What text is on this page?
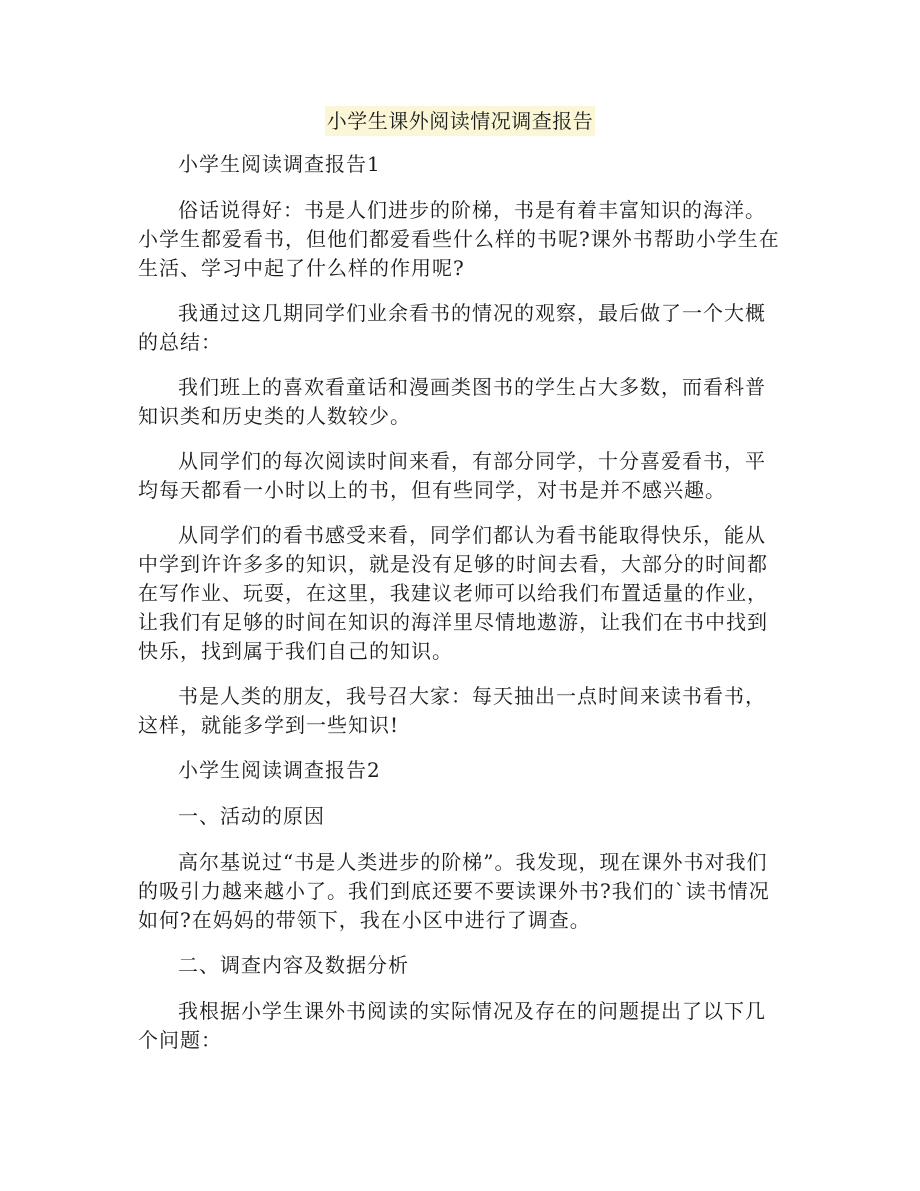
小学生课外阅读情况调查报告

小学生阅读调查报告1

俗话说得好：书是人们进步的阶梯，书是有着丰富知识的海洋。小学生都爱看书，但他们都爱看些什么样的书呢?课外书帮助小学生在生活、学习中起了什么样的作用呢?

我通过这几期同学们业余看书的情况的观察，最后做了一个大概的总结：

我们班上的喜欢看童话和漫画类图书的学生占大多数，而看科普知识类和历史类的人数较少。

从同学们的每次阅读时间来看，有部分同学，十分喜爱看书，平均每天都看一小时以上的书，但有些同学，对书是并不感兴趣。

从同学们的看书感受来看，同学们都认为看书能取得快乐，能从中学到许许多多的知识，就是没有足够的时间去看，大部分的时间都在写作业、玩耍，在这里，我建议老师可以给我们布置适量的作业，让我们有足够的时间在知识的海洋里尽情地遨游，让我们在书中找到快乐，找到属于我们自己的知识。

书是人类的朋友，我号召大家：每天抽出一点时间来读书看书，这样，就能多学到一些知识!

小学生阅读调查报告2

一、活动的原因

高尔基说过“书是人类进步的阶梯”。我发现，现在课外书对我们的吸引力越来越小了。我们到底还要不要读课外书?我们的`读书情况如何?在妈妈的带领下，我在小区中进行了调查。

二、调查内容及数据分析

我根据小学生课外书阅读的实际情况及存在的问题提出了以下几个问题：
